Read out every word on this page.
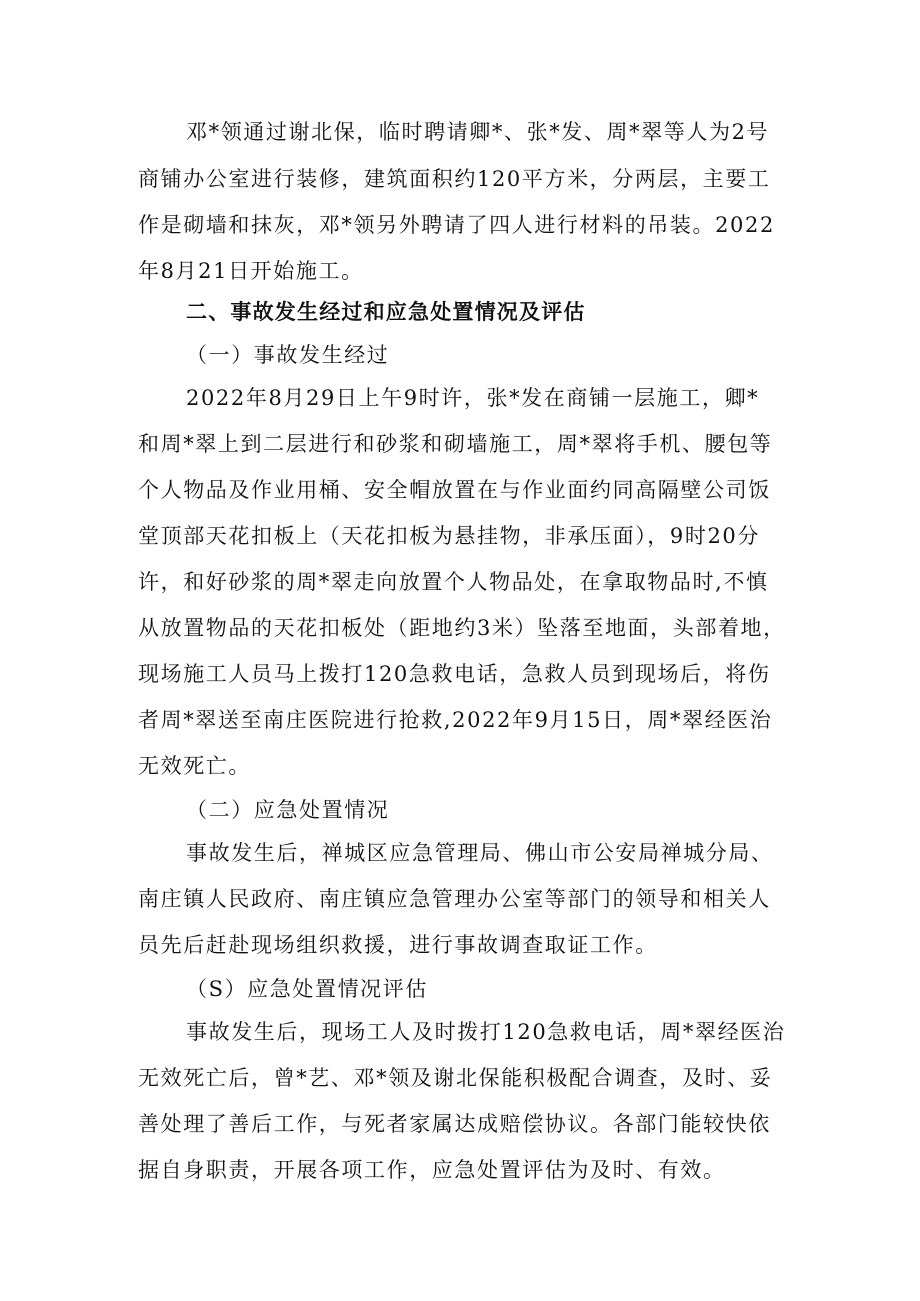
邓*领通过谢北保，临时聘请卿*、张*发、周*翠等人为2号
商铺办公室进行装修，建筑面积约120平方米，分两层，主要工
作是砌墙和抹灰，邓*领另外聘请了四人进行材料的吊装。2022
年8月21日开始施工。
二、事故发生经过和应急处置情况及评估
（一）事故发生经过
2022年8月29日上午9时许，张*发在商铺一层施工，卿*
和周*翠上到二层进行和砂浆和砌墙施工，周*翠将手机、腰包等
个人物品及作业用桶、安全帽放置在与作业面约同高隔壁公司饭
堂顶部天花扣板上（天花扣板为悬挂物，非承压面），9时20分
许，和好砂浆的周*翠走向放置个人物品处，在拿取物品时,不慎
从放置物品的天花扣板处（距地约3米）坠落至地面，头部着地，
现场施工人员马上拨打120急救电话，急救人员到现场后，将伤
者周*翠送至南庄医院进行抢救,2022年9月15日，周*翠经医治
无效死亡。
（二）应急处置情况
事故发生后，禅城区应急管理局、佛山市公安局禅城分局、
南庄镇人民政府、南庄镇应急管理办公室等部门的领导和相关人
员先后赶赴现场组织救援，进行事故调查取证工作。
（S）应急处置情况评估
事故发生后，现场工人及时拨打120急救电话，周*翠经医治
无效死亡后，曾*艺、邓*领及谢北保能积极配合调查，及时、妥
善处理了善后工作，与死者家属达成赔偿协议。各部门能较快依
据自身职责，开展各项工作，应急处置评估为及时、有效。
